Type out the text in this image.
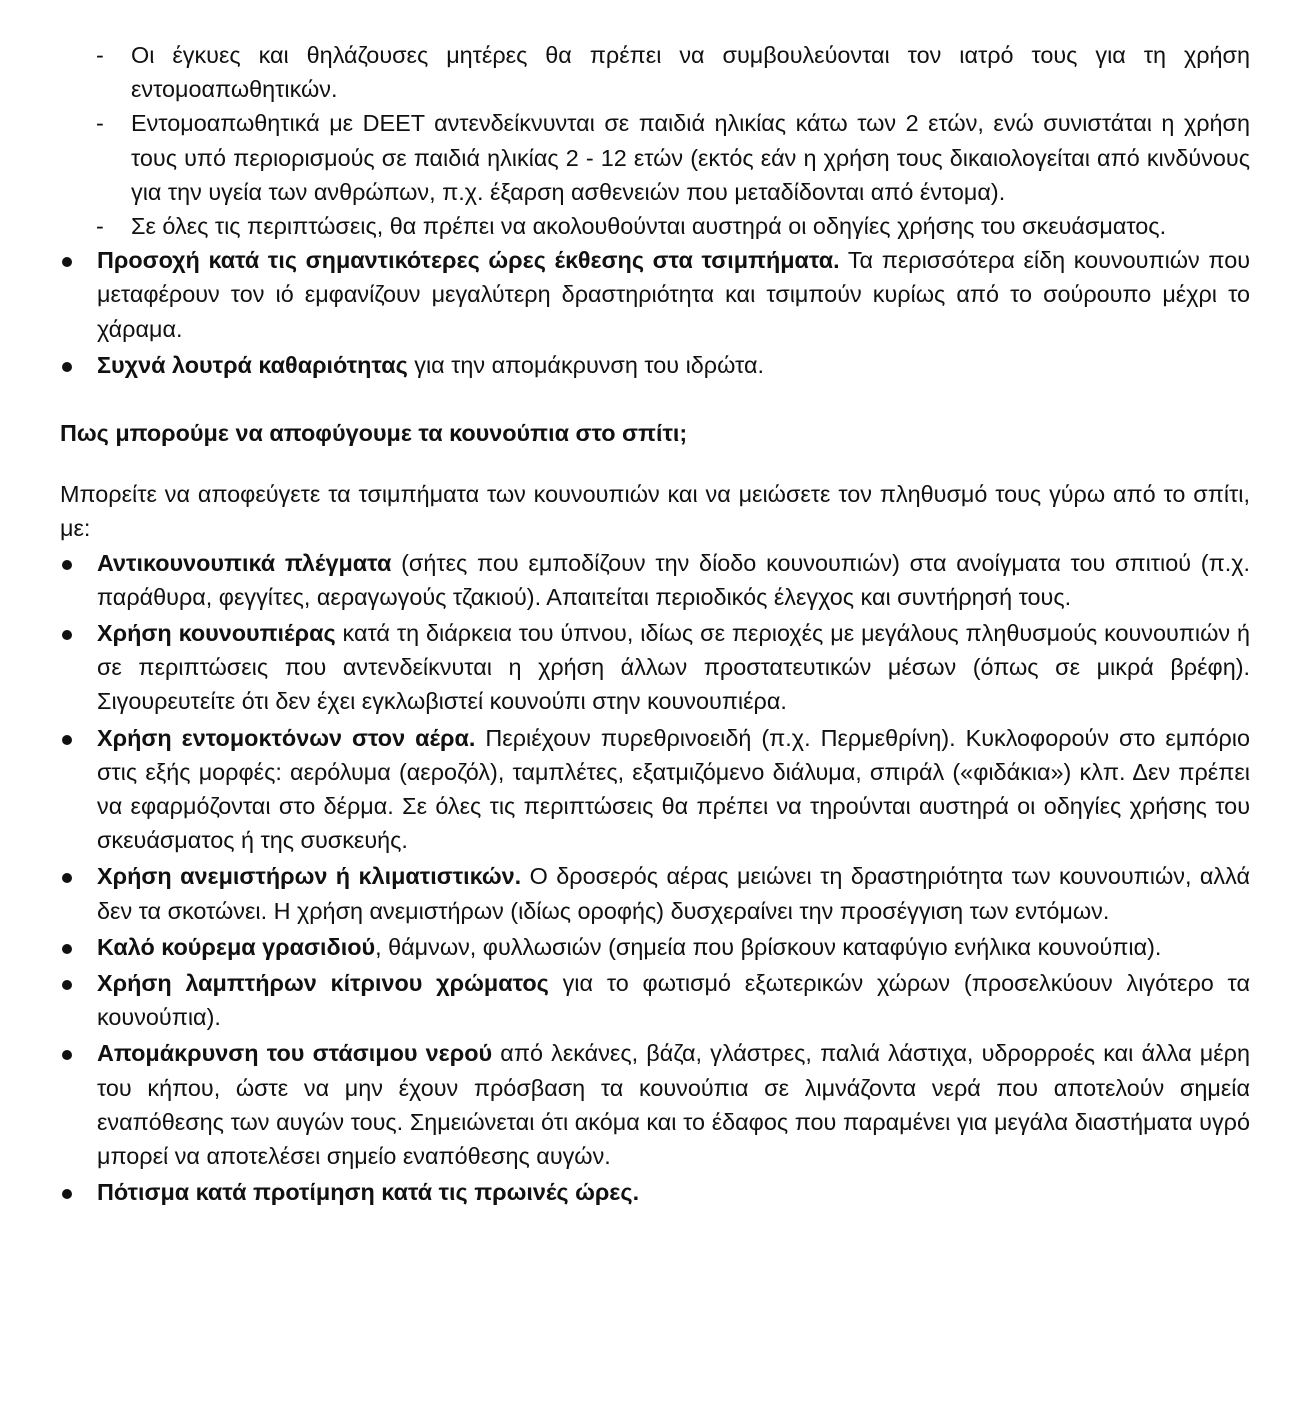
- Οι έγκυες και θηλάζουσες μητέρες θα πρέπει να συμβουλεύονται τον ιατρό τους για τη χρήση εντομοαπωθητικών.

- Εντομοαπωθητικά με DEET αντενδείκνυνται σε παιδιά ηλικίας κάτω των 2 ετών, ενώ συνιστάται η χρήση τους υπό περιορισμούς σε παιδιά ηλικίας 2 - 12 ετών (εκτός εάν η χρήση τους δικαιολογείται από κινδύνους για την υγεία των ανθρώπων, π.χ. έξαρση ασθενειών που μεταδίδονται από έντομα).

- Σε όλες τις περιπτώσεις, θα πρέπει να ακολουθούνται αυστηρά οι οδηγίες χρήσης του σκευάσματος.

Προσοχή κατά τις σημαντικότερες ώρες έκθεσης στα τσιμπήματα. Τα περισσότερα είδη κουνουπιών που μεταφέρουν τον ιό εμφανίζουν μεγαλύτερη δραστηριότητα και τσιμπούν κυρίως από το σούρουπο μέχρι το χάραμα.

Συχνά λουτρά καθαριότητας για την απομάκρυνση του ιδρώτα.

Πως μπορούμε να αποφύγουμε τα κουνούπια στο σπίτι;

Μπορείτε να αποφεύγετε τα τσιμπήματα των κουνουπιών και να μειώσετε τον πληθυσμό τους γύρω από το σπίτι, με:

Αντικουνουπικά πλέγματα (σήτες που εμποδίζουν την δίοδο κουνουπιών) στα ανοίγματα του σπιτιού (π.χ. παράθυρα, φεγγίτες, αεραγωγούς τζακιού). Απαιτείται περιοδικός έλεγχος και συντήρησή τους.

Χρήση κουνουπιέρας κατά τη διάρκεια του ύπνου, ιδίως σε περιοχές με μεγάλους πληθυσμούς κουνουπιών ή σε περιπτώσεις που αντενδείκνυται η χρήση άλλων προστατευτικών μέσων (όπως σε μικρά βρέφη). Σιγουρευτείτε ότι δεν έχει εγκλωβιστεί κουνούπι στην κουνουπιέρα.

Χρήση εντομοκτόνων στον αέρα. Περιέχουν πυρεθρινοειδή (π.χ. Περμεθρίνη). Κυκλοφορούν στο εμπόριο στις εξής μορφές: αερόλυμα (αεροζόλ), ταμπλέτες, εξατμιζόμενο διάλυμα, σπιράλ («φιδάκια») κλπ. Δεν πρέπει να εφαρμόζονται στο δέρμα. Σε όλες τις περιπτώσεις θα πρέπει να τηρούνται αυστηρά οι οδηγίες χρήσης του σκευάσματος ή της συσκευής.

Χρήση ανεμιστήρων ή κλιματιστικών. Ο δροσερός αέρας μειώνει τη δραστηριότητα των κουνουπιών, αλλά δεν τα σκοτώνει. Η χρήση ανεμιστήρων (ιδίως οροφής) δυσχεραίνει την προσέγγιση των εντόμων.

Καλό κούρεμα γρασιδιού, θάμνων, φυλλωσιών (σημεία που βρίσκουν καταφύγιο ενήλικα κουνούπια).

Χρήση λαμπτήρων κίτρινου χρώματος για το φωτισμό εξωτερικών χώρων (προσελκύουν λιγότερο τα κουνούπια).

Απομάκρυνση του στάσιμου νερού από λεκάνες, βάζα, γλάστρες, παλιά λάστιχα, υδρορροές και άλλα μέρη του κήπου, ώστε να μην έχουν πρόσβαση τα κουνούπια σε λιμνάζοντα νερά που αποτελούν σημεία εναπόθεσης των αυγών τους. Σημειώνεται ότι ακόμα και το έδαφος που παραμένει για μεγάλα διαστήματα υγρό μπορεί να αποτελέσει σημείο εναπόθεσης αυγών.

Πότισμα κατά προτίμηση κατά τις πρωινές ώρες.
